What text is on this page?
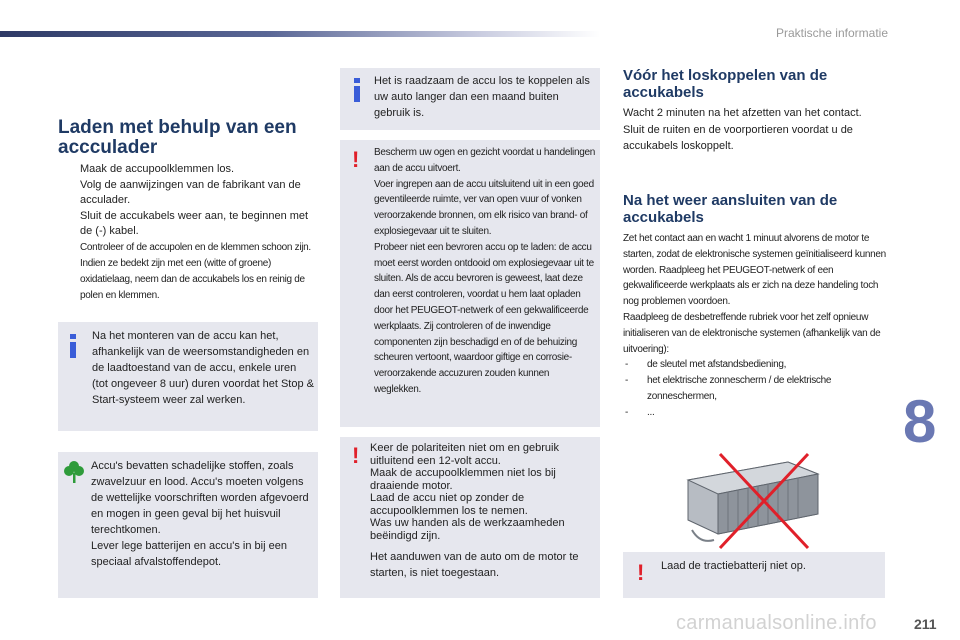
Praktische informatie
Laden met behulp van een accculader
Maak de accupoolklemmen los.
Volg de aanwijzingen van de fabrikant van de acculader.
Sluit de accukabels weer aan, te beginnen met de (-) kabel.
Controleer of de accupolen en de klemmen schoon zijn. Indien ze bedekt zijn met een (witte of groene) oxidatielaag, neem dan de accukabels los en reinig de polen en klemmen.
Na het monteren van de accu kan het, afhankelijk van de weersomstandigheden en de laadtoestand van de accu, enkele uren (tot ongeveer 8 uur) duren voordat het Stop & Start-systeem weer zal werken.
Accu's bevatten schadelijke stoffen, zoals zwavelzuur en lood. Accu's moeten volgens de wettelijke voorschriften worden afgevoerd en mogen in geen geval bij het huisvuil terechtkomen.
Lever lege batterijen en accu's in bij een speciaal afvalstoffendepot.
Het is raadzaam de accu los te koppelen als uw auto langer dan een maand buiten gebruik is.
! Bescherm uw ogen en gezicht voordat u handelingen aan de accu uitvoert.
Voer ingrepen aan de accu uitsluitend uit in een goed geventileerde ruimte, ver van open vuur of vonken veroorzakende bronnen, om elk risico van brand- of explosiegevaar uit te sluiten.
Probeer niet een bevroren accu op te laden: de accu moet eerst worden ontdooid om explosiegevaar uit te sluiten. Als de accu bevroren is geweest, laat deze dan eerst controleren, voordat u hem laat opladen door het PEUGEOT-netwerk of een gekwalificeerde werkplaats. Zij controleren of de inwendige componenten zijn beschadigd en of de behuizing scheuren vertoont, waardoor giftige en corrosie-veroorzakende accuzuren zouden kunnen weglekken.
! Keer de polariteiten niet om en gebruik uitluitend een 12-volt accu.
Maak de accupoolklemmen niet los bij draaiende motor.
Laad de accu niet op zonder de accupoolklemmen los te nemen.
Was uw handen als de werkzaamheden beëindigd zijn.
Het aanduwen van de auto om de motor te starten, is niet toegestaan.
Vóór het loskoppelen van de accukabels

Wacht 2 minuten na het afzetten van het contact.

Sluit de ruiten en de voorportieren voordat u de accukabels loskoppelt.

Na het weer aansluiten van de accukabels

Zet het contact aan en wacht 1 minuut alvorens de motor te starten, zodat de elektronische systemen geïnitialiseerd kunnen worden. Raadpleeg het PEUGEOT-netwerk of een gekwalificeerde werkplaats als er zich na deze handeling toch nog problemen voordoen.

Raadpleeg de desbetreffende rubriek voor het zelf opnieuw initialiseren van de elektronische systemen (afhankelijk van de uitvoering):

- de sleutel met afstandsbediening,
- het elektrische zonnescherm / de elektrische zonneschermen,
- ...
! Laad de tractiebatterij niet op.
8
carmanualsonline.info	211
